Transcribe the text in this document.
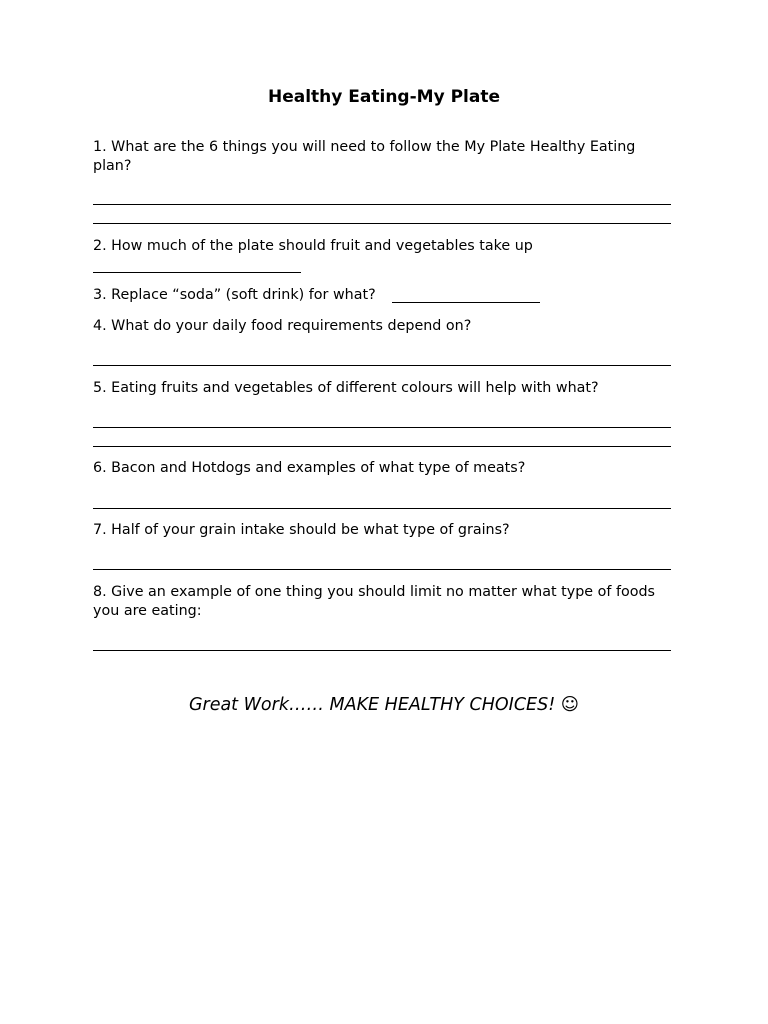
Healthy Eating-My Plate
1. What are the 6 things you will need to follow the My Plate Healthy Eating plan?
2. How much of the plate should fruit and vegetables take up
3. Replace “soda” (soft drink) for what?
4. What do your daily food requirements depend on?
5. Eating fruits and vegetables of different colours will help with what?
6. Bacon and Hotdogs and examples of what type of meats?
7. Half of your grain intake should be what type of grains?
8. Give an example of one thing you should limit no matter what type of foods you are eating:
Great Work…… MAKE HEALTHY CHOICES! ☺
